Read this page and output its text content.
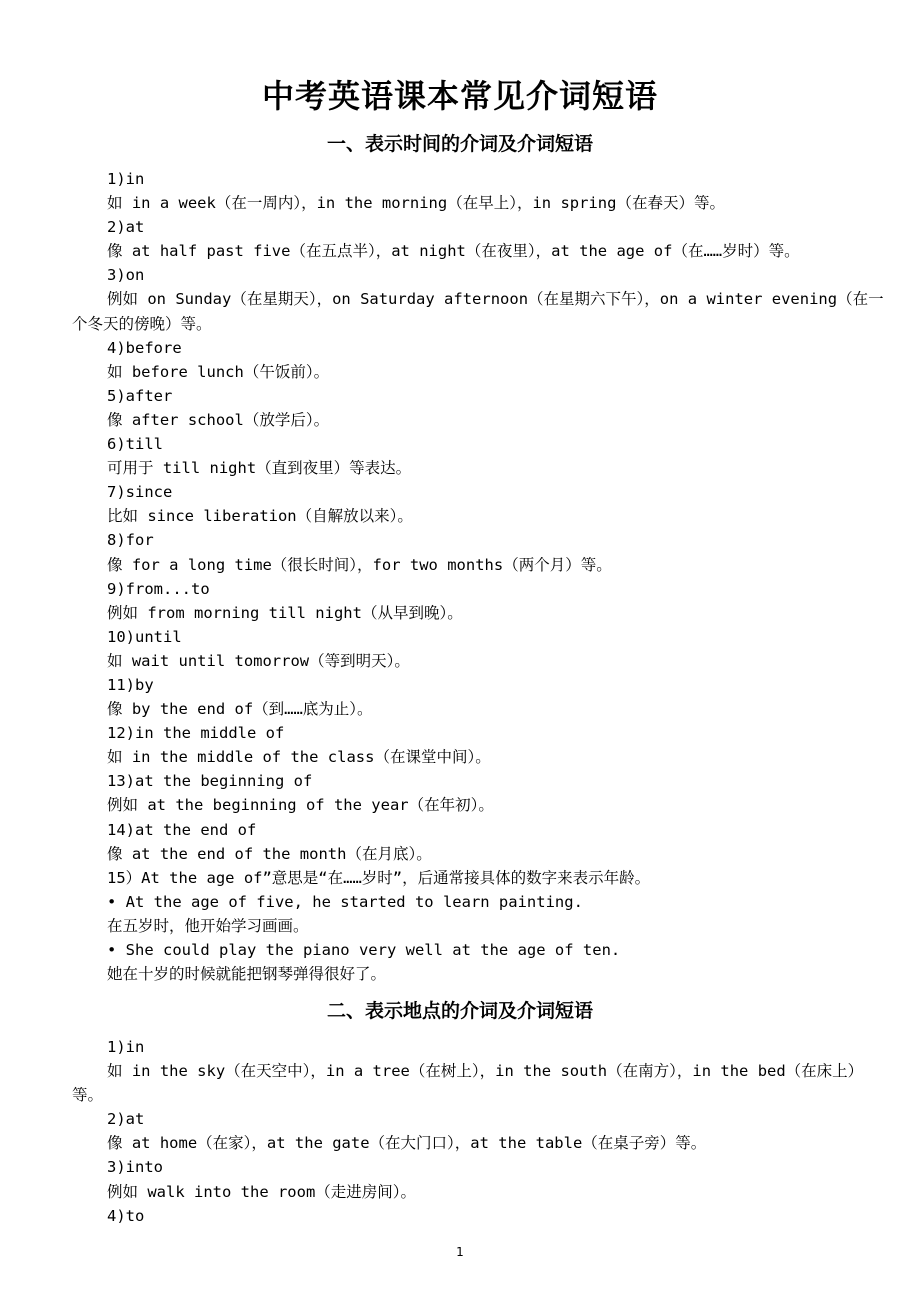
中考英语课本常见介词短语
一、表示时间的介词及介词短语
1)in
如 in a week（在一周内），in the morning（在早上），in spring（在春天）等。
2)at
像 at half past five（在五点半），at night（在夜里），at the age of（在……岁时）等。
3)on
例如 on Sunday（在星期天），on Saturday afternoon（在星期六下午），on a winter evening（在一个冬天的傍晚）等。
4)before
如 before lunch（午饭前）。
5)after
像 after school（放学后）。
6)till
可用于 till night（直到夜里）等表达。
7)since
比如 since liberation（自解放以来）。
8)for
像 for a long time（很长时间），for two months（两个月）等。
9)from...to
例如 from morning till night（从早到晚）。
10)until
如 wait until tomorrow（等到明天）。
11)by
像 by the end of（到……底为止）。
12)in the middle of
如 in the middle of the class（在课堂中间）。
13)at the beginning of
例如 at the beginning of the year（在年初）。
14)at the end of
像 at the end of the month（在月底）。
15）At the age of”意思是“在……岁时”，后通常接具体的数字来表示年龄。
• At the age of five, he started to learn painting.
在五岁时，他开始学习画画。
• She could play the piano very well at the age of ten.
她在十岁的时候就能把钢琴弹得很好了。
二、表示地点的介词及介词短语
1)in
如 in the sky（在天空中），in a tree（在树上），in the south（在南方），in the bed（在床上）等。
2)at
像 at home（在家），at the gate（在大门口），at the table（在桌子旁）等。
3)into
例如 walk into the room（走进房间）。
4)to
1
